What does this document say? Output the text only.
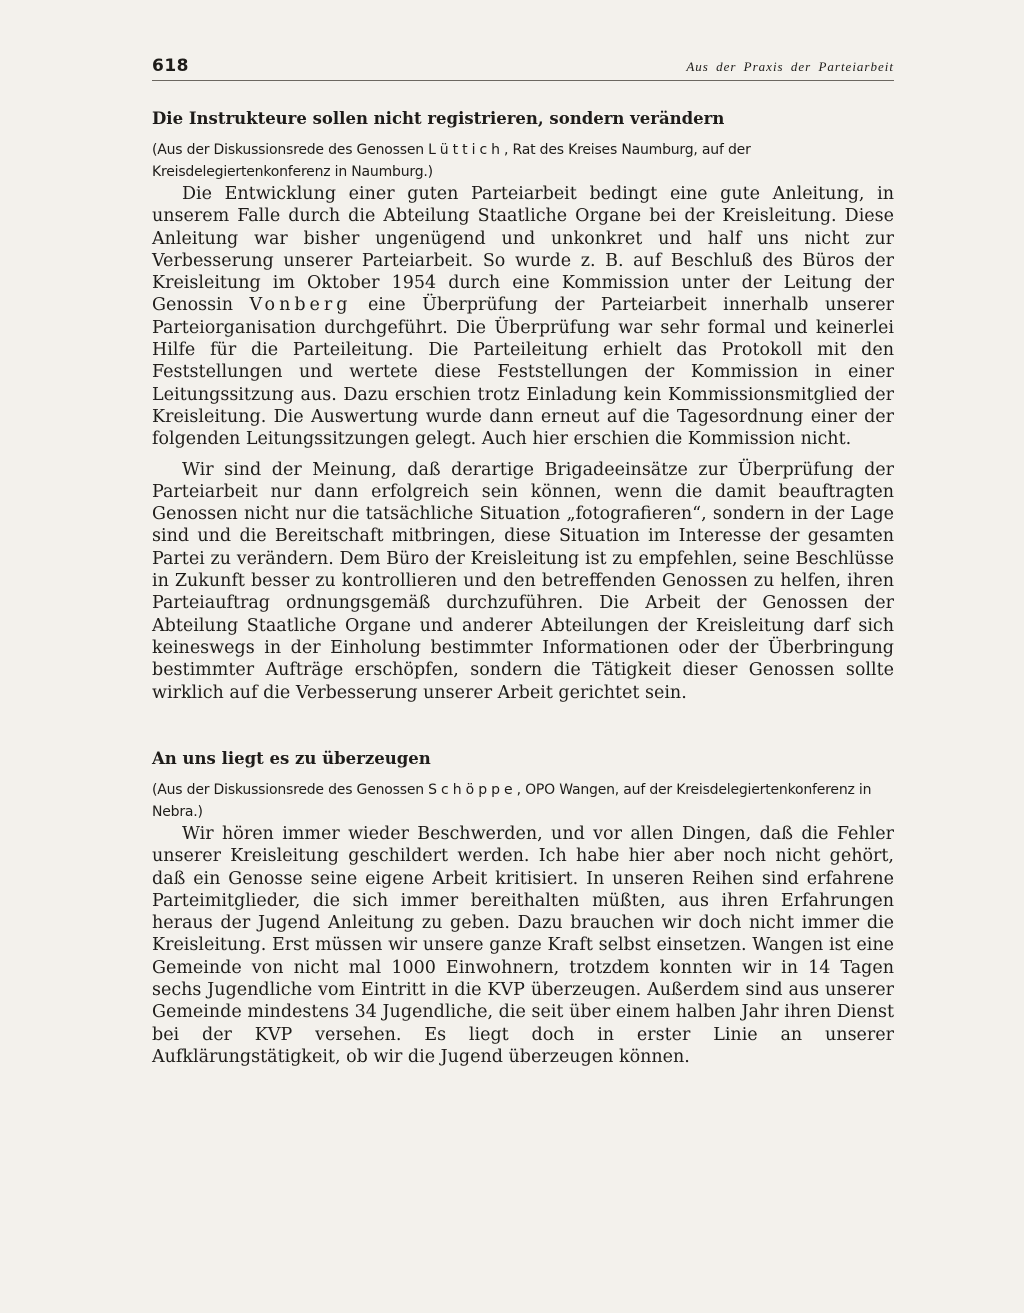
618	Aus der Praxis der Parteiarbeit
Die Instrukteure sollen nicht registrieren, sondern verändern

(Aus der Diskussionsrede des Genossen Lüttich, Rat des Kreises Naumburg, auf der Kreisdelegiertenkonferenz in Naumburg.)

Die Entwicklung einer guten Parteiarbeit bedingt eine gute Anleitung, in unserem Falle durch die Abteilung Staatliche Organe bei der Kreisleitung. Diese Anleitung war bisher ungenügend und unkonkret und half uns nicht zur Verbesserung unserer Parteiarbeit. So wurde z. B. auf Beschluß des Büros der Kreisleitung im Oktober 1954 durch eine Kommission unter der Leitung der Genossin Vonberg eine Überprüfung der Parteiarbeit innerhalb unserer Parteiorganisation durchgeführt. Die Überprüfung war sehr formal und keinerlei Hilfe für die Parteileitung. Die Parteileitung erhielt das Protokoll mit den Feststellungen und wertete diese Feststellungen der Kommission in einer Leitungssitzung aus. Dazu erschien trotz Einladung kein Kommissionsmitglied der Kreisleitung. Die Auswertung wurde dann erneut auf die Tagesordnung einer der folgenden Leitungssitzungen gelegt. Auch hier erschien die Kommission nicht.

Wir sind der Meinung, daß derartige Brigadeeinsätze zur Überprüfung der Parteiarbeit nur dann erfolgreich sein können, wenn die damit beauftragten Genossen nicht nur die tatsächliche Situation „fotografieren“, sondern in der Lage sind und die Bereitschaft mitbringen, diese Situation im Interesse der gesamten Partei zu verändern. Dem Büro der Kreisleitung ist zu empfehlen, seine Beschlüsse in Zukunft besser zu kontrollieren und den betreffenden Genossen zu helfen, ihren Parteiauftrag ordnungsgemäß durchzuführen. Die Arbeit der Genossen der Abteilung Staatliche Organe und anderer Abteilungen der Kreisleitung darf sich keineswegs in der Einholung bestimmter Informationen oder der Überbringung bestimmter Aufträge erschöpfen, sondern die Tätigkeit dieser Genossen sollte wirklich auf die Verbesserung unserer Arbeit gerichtet sein.

An uns liegt es zu überzeugen

(Aus der Diskussionsrede des Genossen Schöppe, OPO Wangen, auf der Kreisdelegiertenkonferenz in Nebra.)

Wir hören immer wieder Beschwerden, und vor allen Dingen, daß die Fehler unserer Kreisleitung geschildert werden. Ich habe hier aber noch nicht gehört, daß ein Genosse seine eigene Arbeit kritisiert. In unseren Reihen sind erfahrene Parteimitglieder, die sich immer bereithalten müßten, aus ihren Erfahrungen heraus der Jugend Anleitung zu geben. Dazu brauchen wir doch nicht immer die Kreisleitung. Erst müssen wir unsere ganze Kraft selbst einsetzen. Wangen ist eine Gemeinde von nicht mal 1000 Einwohnern, trotzdem konnten wir in 14 Tagen sechs Jugendliche vom Eintritt in die KVP überzeugen. Außerdem sind aus unserer Gemeinde mindestens 34 Jugendliche, die seit über einem halben Jahr ihren Dienst bei der KVP versehen. Es liegt doch in erster Linie an unserer Aufklärungstätigkeit, ob wir die Jugend überzeugen können.
